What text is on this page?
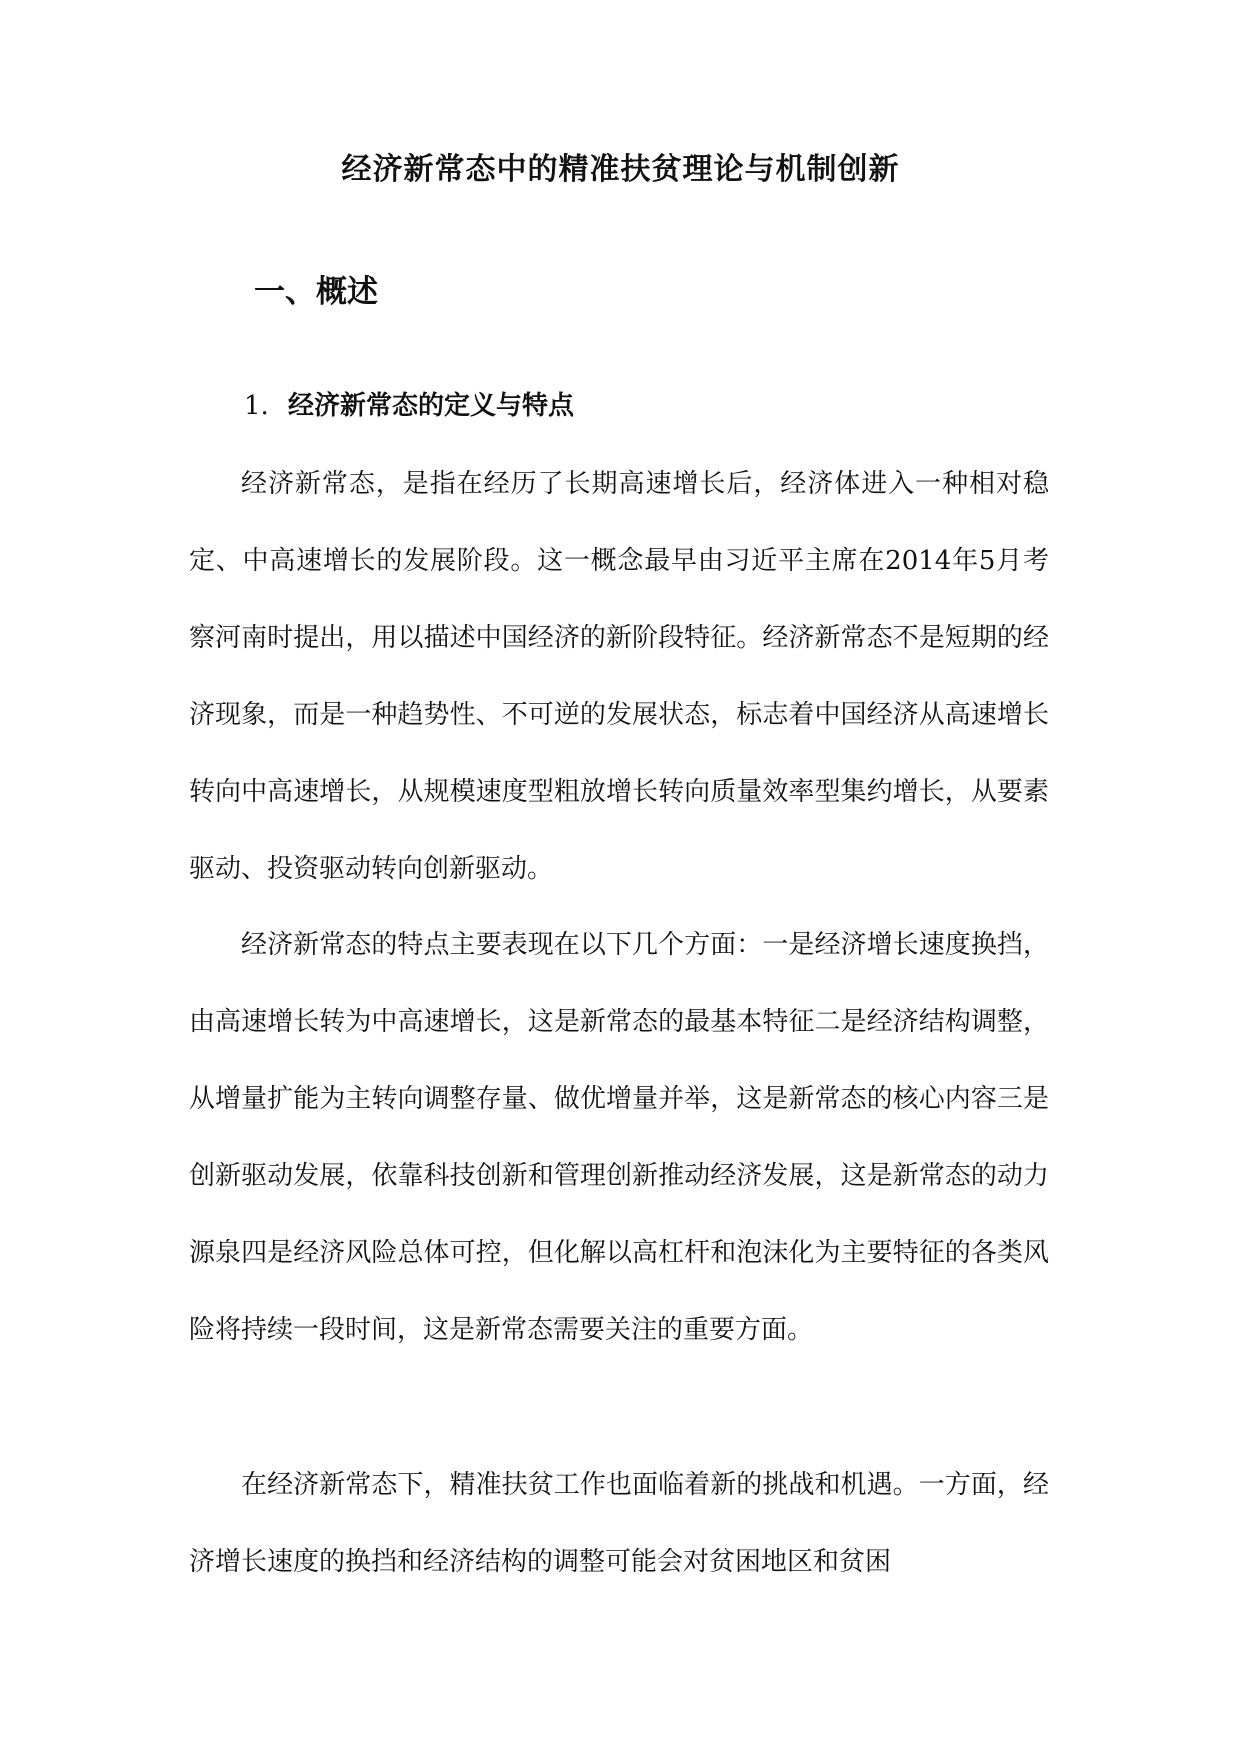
经济新常态中的精准扶贫理论与机制创新
一、概述
1. 经济新常态的定义与特点

经济新常态，是指在经历了长期高速增长后，经济体进入一种相对稳定、中高速增长的发展阶段。这一概念最早由习近平主席在2014年5月考察河南时提出，用以描述中国经济的新阶段特征。经济新常态不是短期的经济现象，而是一种趋势性、不可逆的发展状态，标志着中国经济从高速增长转向中高速增长，从规模速度型粗放增长转向质量效率型集约增长，从要素驱动、投资驱动转向创新驱动。

经济新常态的特点主要表现在以下几个方面：一是经济增长速度换挡，由高速增长转为中高速增长，这是新常态的最基本特征二是经济结构调整，从增量扩能为主转向调整存量、做优增量并举，这是新常态的核心内容三是创新驱动发展，依靠科技创新和管理创新推动经济发展，这是新常态的动力源泉四是经济风险总体可控，但化解以高杠杆和泡沫化为主要特征的各类风险将持续一段时间，这是新常态需要关注的重要方面。

在经济新常态下，精准扶贫工作也面临着新的挑战和机遇。一方面，经济增长速度的换挡和经济结构的调整可能会对贫困地区和贫困
